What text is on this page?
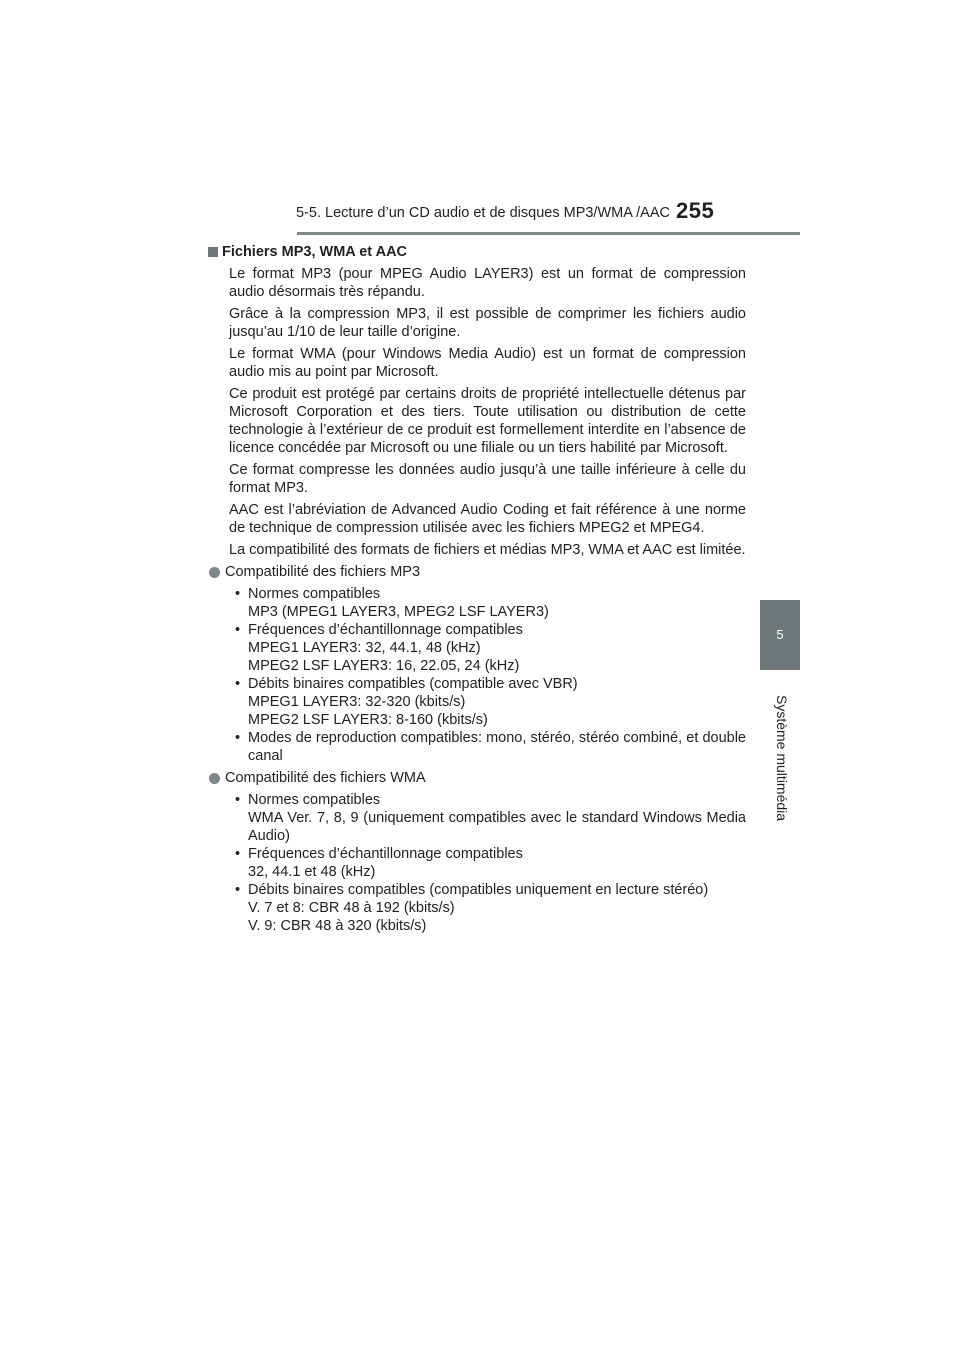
5-5. Lecture d’un CD audio et de disques MP3/WMA /AAC 255
5
Système multimédia
Fichiers MP3, WMA et AAC

Le format MP3 (pour MPEG Audio LAYER3) est un format de compression audio désormais très répandu.

Grâce à la compression MP3, il est possible de comprimer les fichiers audio jusqu’au 1/10 de leur taille d’origine.

Le format WMA (pour Windows Media Audio) est un format de compression audio mis au point par Microsoft.

Ce produit est protégé par certains droits de propriété intellectuelle détenus par Microsoft Corporation et des tiers. Toute utilisation ou distribution de cette technologie à l’extérieur de ce produit est formellement interdite en l’absence de licence concédée par Microsoft ou une filiale ou un tiers habilité par Microsoft.

Ce format compresse les données audio jusqu’à une taille inférieure à celle du format MP3.

AAC est l’abréviation de Advanced Audio Coding et fait référence à une norme de technique de compression utilisée avec les fichiers MPEG2 et MPEG4.

La compatibilité des formats de fichiers et médias MP3, WMA et AAC est limitée.

Compatibilité des fichiers MP3
• Normes compatibles
MP3 (MPEG1 LAYER3, MPEG2 LSF LAYER3)
• Fréquences d’échantillonnage compatibles
MPEG1 LAYER3: 32, 44.1, 48 (kHz)
MPEG2 LSF LAYER3: 16, 22.05, 24 (kHz)
• Débits binaires compatibles (compatible avec VBR)
MPEG1 LAYER3: 32-320 (kbits/s)
MPEG2 LSF LAYER3: 8-160 (kbits/s)
• Modes de reproduction compatibles: mono, stéréo, stéréo combiné, et double canal
Compatibilité des fichiers WMA
• Normes compatibles
WMA Ver. 7, 8, 9 (uniquement compatibles avec le standard Windows Media Audio)
• Fréquences d’échantillonnage compatibles
32, 44.1 et 48 (kHz)
• Débits binaires compatibles (compatibles uniquement en lecture stéréo)
V. 7 et 8: CBR 48 à 192 (kbits/s)
V. 9: CBR 48 à 320 (kbits/s)
